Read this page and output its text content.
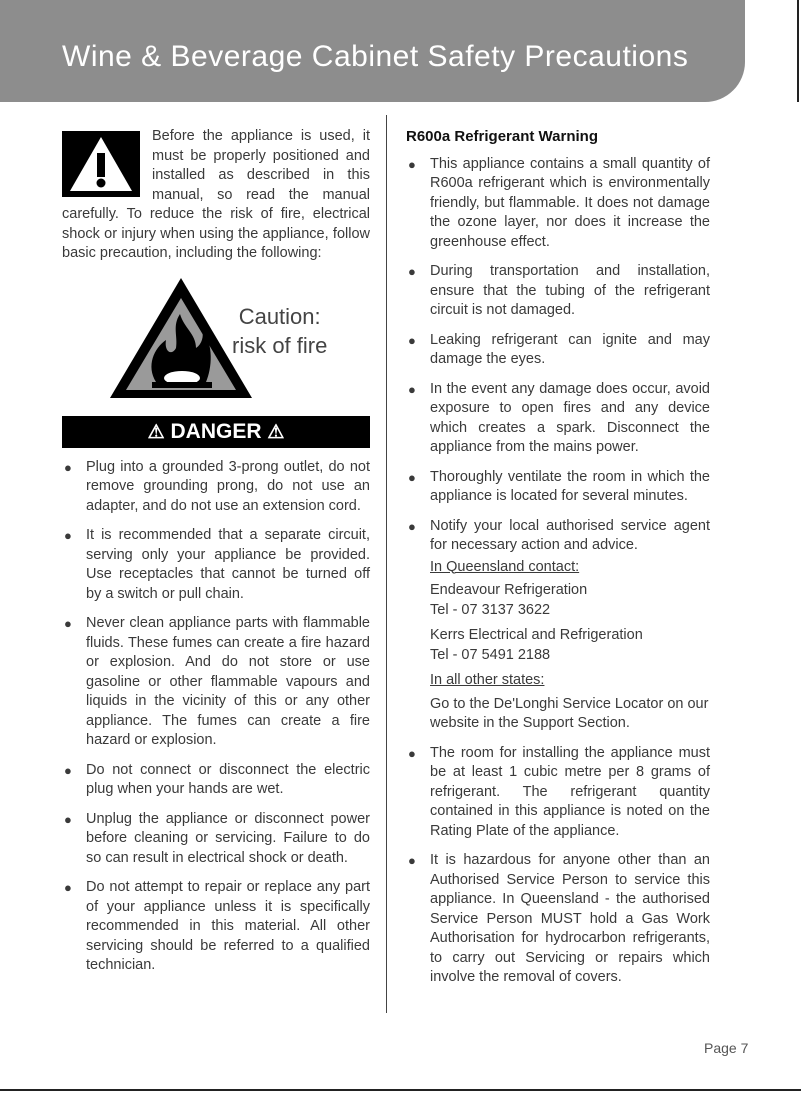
Wine & Beverage Cabinet Safety Precautions
Before the appliance is used, it must be properly positioned and installed as described in this manual, so read the manual carefully. To reduce the risk of fire, electrical shock or injury when using the appliance, follow basic precaution, including the following:
Caution:
risk of fire
⚠ DANGER ⚠
● Plug into a grounded 3-prong outlet, do not remove grounding prong, do not use an adapter, and do not use an extension cord.
● It is recommended that a separate circuit, serving only your appliance be provided. Use receptacles that cannot be turned off by a switch or pull chain.
● Never clean appliance parts with flammable fluids. These fumes can create a fire hazard or explosion. And do not store or use gasoline or other flammable vapours and liquids in the vicinity of this or any other appliance. The fumes can create a fire hazard or explosion.
● Do not connect or disconnect the electric plug when your hands are wet.
● Unplug the appliance or disconnect power before cleaning or servicing. Failure to do so can result in electrical shock or death.
● Do not attempt to repair or replace any part of your appliance unless it is specifically recommended in this material. All other servicing should be referred to a qualified technician.
R600a Refrigerant Warning
● This appliance contains a small quantity of R600a refrigerant which is environmentally friendly, but flammable. It does not damage the ozone layer, nor does it increase the greenhouse effect.
● During transportation and installation, ensure that the tubing of the refrigerant circuit is not damaged.
● Leaking refrigerant can ignite and may damage the eyes.
● In the event any damage does occur, avoid exposure to open fires and any device which creates a spark. Disconnect the appliance from the mains power.
● Thoroughly ventilate the room in which the appliance is located for several minutes.
● Notify your local authorised service agent for necessary action and advice.
In Queensland contact:
Endeavour Refrigeration
Tel - 07 3137 3622
Kerrs Electrical and Refrigeration
Tel - 07 5491 2188
In all other states:
Go to the De'Longhi Service Locator on our website in the Support Section.
● The room for installing the appliance must be at least 1 cubic metre per 8 grams of refrigerant. The refrigerant quantity contained in this appliance is noted on the Rating Plate of the appliance.
● It is hazardous for anyone other than an Authorised Service Person to service this appliance. In Queensland - the authorised Service Person MUST hold a Gas Work Authorisation for hydrocarbon refrigerants, to carry out Servicing or repairs which involve the removal of covers.
Page 7
